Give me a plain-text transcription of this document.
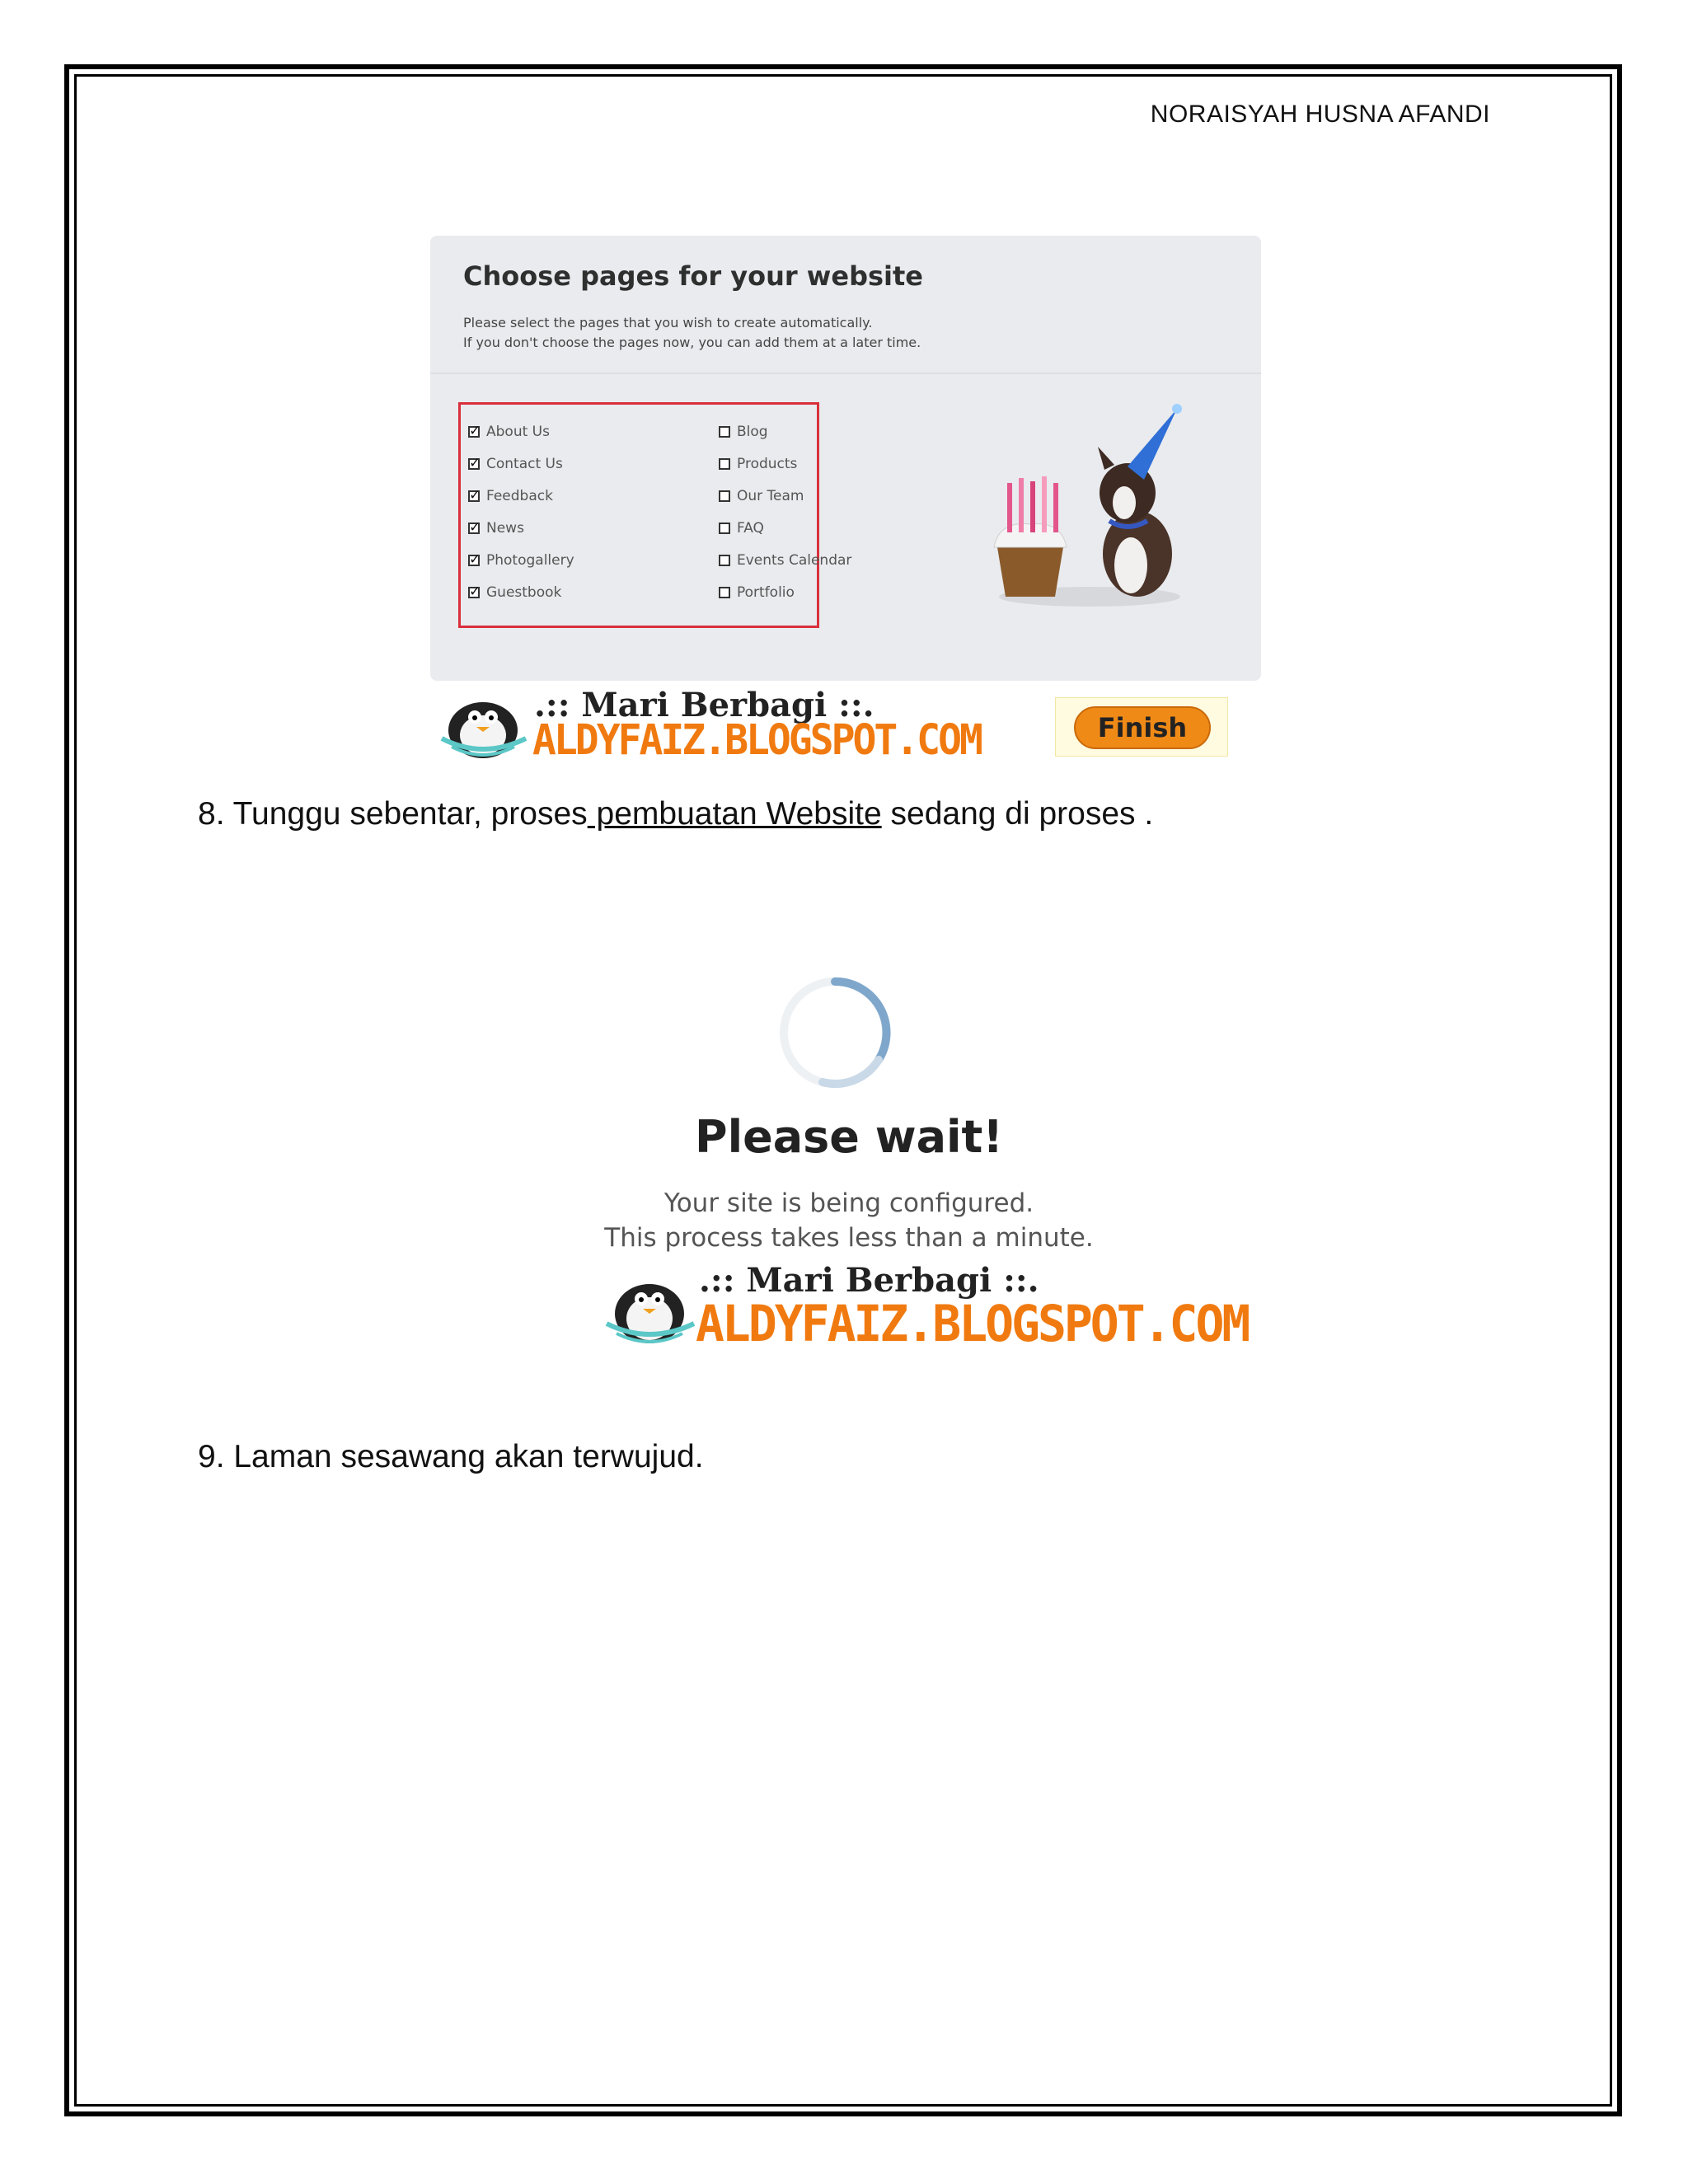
NORAISYAH HUSNA AFANDI
Choose pages for your website
Please select the pages that you wish to create automatically.
If you don't choose the pages now, you can add them at a later time.
✓
About Us
✓
Contact Us
✓
Feedback
✓
News
✓
Photogallery
✓
Guestbook
Blog
Products
Our Team
FAQ
Events Calendar
Portfolio
.:: Mari Berbagi ::.
ALDYFAIZ.BLOGSPOT.COM	Finish
8. Tunggu sebentar, proses pembuatan Website sedang di proses .
Please wait!
Your site is being configured.
This process takes less than a minute.
.:: Mari Berbagi ::.
ALDYFAIZ.BLOGSPOT.COM
9. Laman sesawang akan terwujud.
